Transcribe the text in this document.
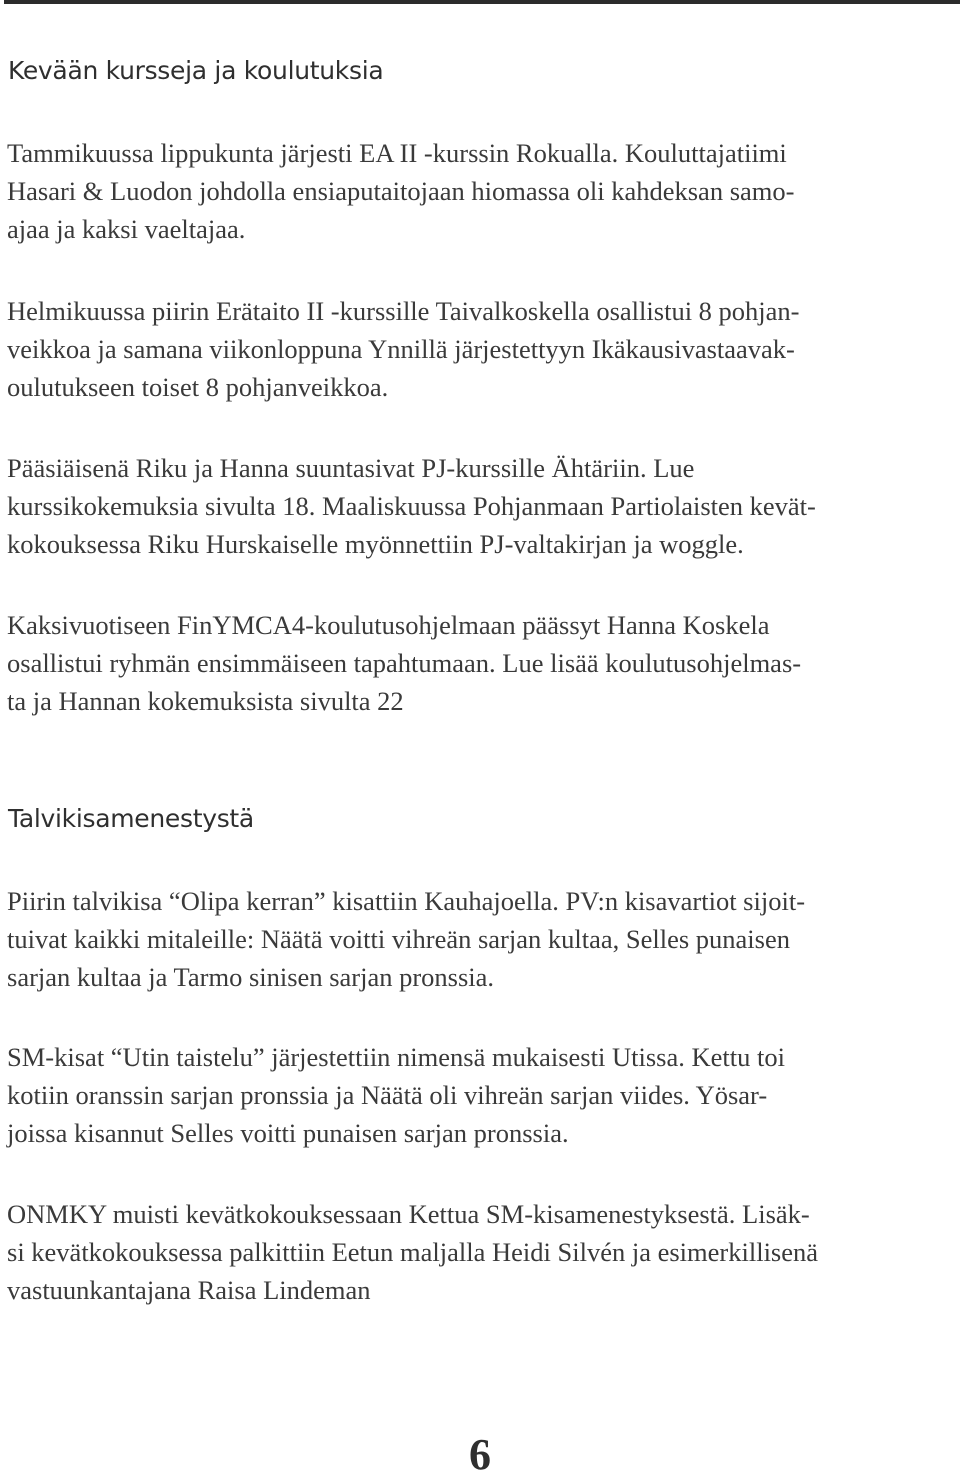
Kevään kursseja ja koulutuksia

Tammikuussa lippukunta järjesti EA II -kurssin Rokualla. Kouluttajatiimi
Hasari & Luodon johdolla ensiaputaitojaan hiomassa oli kahdeksan samo-
ajaa ja kaksi vaeltajaa.

Helmikuussa piirin Erätaito II -kurssille Taivalkoskella osallistui 8 pohjan-
veikkoa ja samana viikonloppuna Ynnillä järjestettyyn Ikäkausivastaavak-
oulutukseen toiset 8 pohjanveikkoa.

Pääsiäisenä Riku ja Hanna suuntasivat PJ-kurssille Ähtäriin. Lue
kurssikokemuksia sivulta 18. Maaliskuussa Pohjanmaan Partiolaisten kevät-
kokouksessa Riku Hurskaiselle myönnettiin PJ-valtakirjan ja woggle.

Kaksivuotiseen FinYMCA4-koulutusohjelmaan päässyt Hanna Koskela
osallistui ryhmän ensimmäiseen tapahtumaan. Lue lisää koulutusohjelmas-
ta ja Hannan kokemuksista sivulta 22

Talvikisamenestystä

Piirin talvikisa “Olipa kerran” kisattiin Kauhajoella. PV:n kisavartiot sijoit-
tuivat kaikki mitaleille: Näätä voitti vihreän sarjan kultaa, Selles punaisen
sarjan kultaa ja Tarmo sinisen sarjan pronssia.

SM-kisat “Utin taistelu” järjestettiin nimensä mukaisesti Utissa. Kettu toi
kotiin oranssin sarjan pronssia ja Näätä oli vihreän sarjan viides. Yösar-
joissa kisannut Selles voitti punaisen sarjan pronssia.

ONMKY muisti kevätkokouksessaan Kettua SM-kisamenestyksestä. Lisäk-
si kevätkokouksessa palkittiin Eetun maljalla Heidi Silvén ja esimerkillisenä
vastuunkantajana Raisa Lindeman

6
